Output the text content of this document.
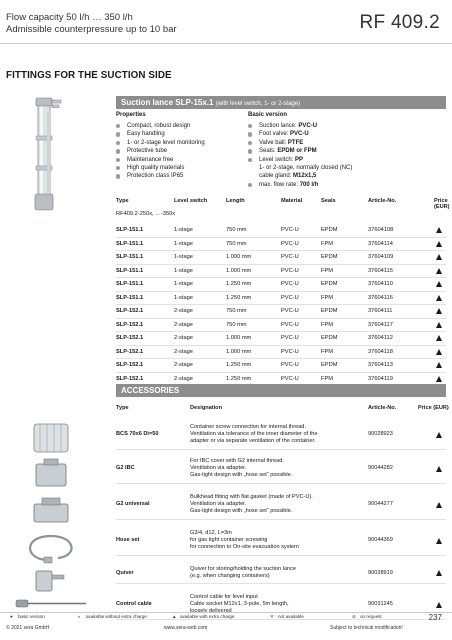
Flow capacity 50 l/h … 350 l/h
Admissible counterpressure up to 10 bar	RF 409.2
FITTINGS FOR THE SUCTION SIDE
Suction lance SLP-15x.1 (with level switch, 1- or 2-stage)
Properties	Basic version
Compact, robust design
Easy handling
1- or 2-stage level monitoring
Protective tube
Maintenance free
High quality materials
Protection class IP65
Suction lance: PVC-U
Foot valve: PVC-U
Valve ball: PTFE
Seals: EPDM or FPM
Level switch: PP
1- or 2-stage, normally closed (NC)
cable gland: M12x1,5
max. flow rate: 700 l/h
Type	Level switch	Length	Material	Seals	Article-No.	Price (EUR)
RF409.2-250x, …-350x
SLP-151.1	1-stage	750 mm	PVC-U	EPDM	37604108
SLP-151.1	1-stage	750 mm	PVC-U	FPM	37604114
SLP-151.1	1-stage	1.000 mm	PVC-U	EPDM	37604109
SLP-151.1	1-stage	1.000 mm	PVC-U	FPM	37604115
SLP-151.1	1-stage	1.250 mm	PVC-U	EPDM	37604110
SLP-151.1	1-stage	1.250 mm	PVC-U	FPM	37604116
SLP-152.1	2-stage	750 mm	PVC-U	EPDM	37604111
SLP-152.1	2-stage	750 mm	PVC-U	FPM	37604117
SLP-152.1	2-stage	1.000 mm	PVC-U	EPDM	37604112
SLP-152.1	2-stage	1.000 mm	PVC-U	FPM	37604118
SLP-152.1	2-stage	1.250 mm	PVC-U	EPDM	37604113
SLP-152.1	2-stage	1.250 mm	PVC-U	FPM	37604119
ACCESSORIES
Type	Designation	Article-No.	Price (EUR)
BCS 70x6 Di=50
Container screw connection for internal thread.
Ventilation via tolerance of the inner diameter of the
adapter or via separate ventilation of the container.
90028923
G2 IBC
For IBC cover with G2 internal thread.
Ventilation via adapter.
Gas-tight design with „hose set“ possible.
90044282
G2 universal
Bulkhead fitting with flat gasket (made of PVC-U).
Ventilation via adapter.
Gas-tight design with „hose set“ possible.
90044277
Hose set
G3/4, d12, L=3m
for gas tight container screwing
for connection to On-site evacuation system
90044369
Quiver
Quiver for storing/holding the suction lance
(e.g. when changing containers)
90028919
Control cable
Control cable for level input
Cable socket M12x1, 3-pole, 5m length,	90031245
● basic version	◐ available without extra charge	▲ available with extra charge	✕ not available	⊘ on request
© 2021 sera GmbH	www.sera-web.com	Subject to technical modification!
237
